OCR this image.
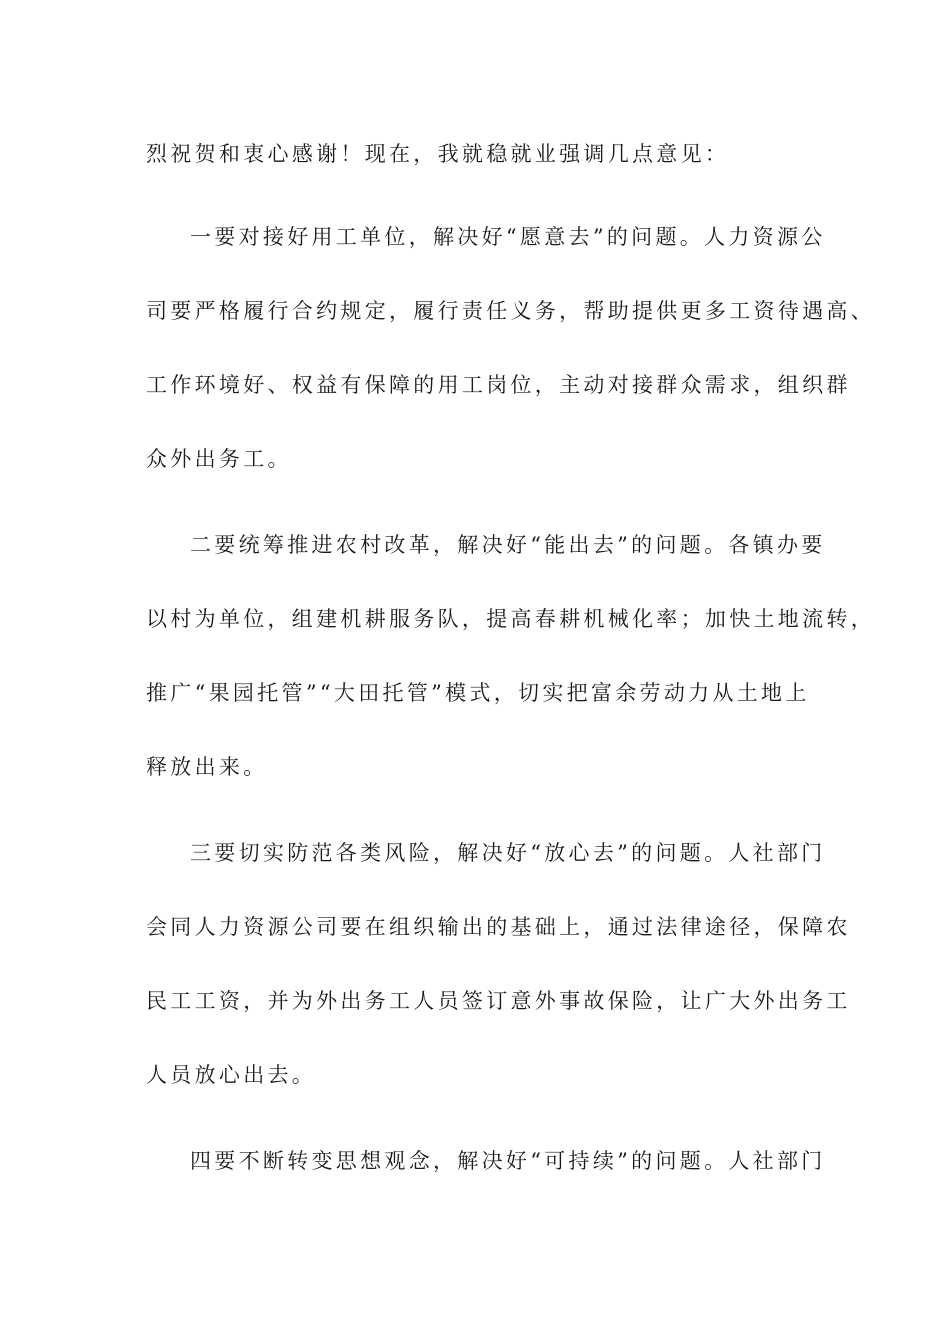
烈祝贺和衷心感谢！现在，我就稳就业强调几点意见：
一要对接好用工单位，解决好“愿意去”的问题。人力资源公
司要严格履行合约规定，履行责任义务，帮助提供更多工资待遇高、
工作环境好、权益有保障的用工岗位，主动对接群众需求，组织群
众外出务工。
二要统筹推进农村改革，解决好“能出去”的问题。各镇办要
以村为单位，组建机耕服务队，提高春耕机械化率；加快土地流转，
推广“果园托管”“大田托管”模式，切实把富余劳动力从土地上
释放出来。
三要切实防范各类风险，解决好“放心去”的问题。人社部门
会同人力资源公司要在组织输出的基础上，通过法律途径，保障农
民工工资，并为外出务工人员签订意外事故保险，让广大外出务工
人员放心出去。
四要不断转变思想观念，解决好“可持续”的问题。人社部门
